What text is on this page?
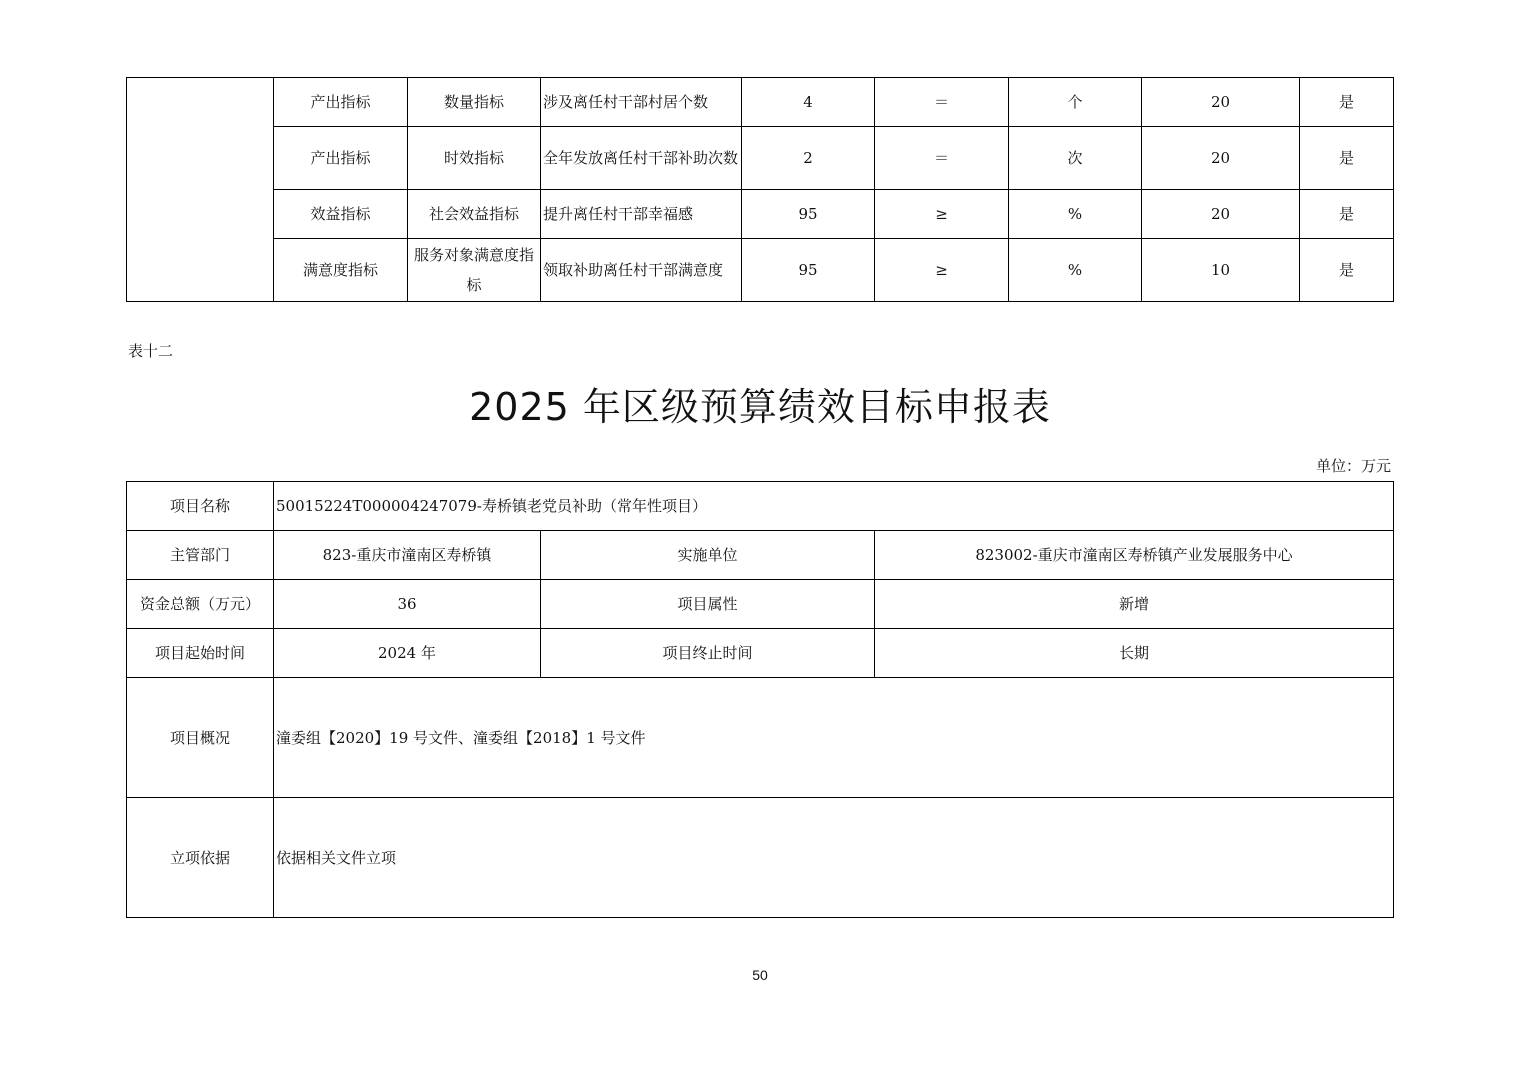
	产出指标	数量指标	涉及离任村干部村居个数	4	＝	个	20	是
	产出指标	时效指标	全年发放离任村干部补助次数	2	＝	次	20	是
	效益指标	社会效益指标	提升离任村干部幸福感	95	≥	%	20	是
	满意度指标	服务对象满意度指标	领取补助离任村干部满意度	95	≥	%	10	是
表十二
2025 年区级预算绩效目标申报表
单位：万元
项目名称	50015224T000004247079-寿桥镇老党员补助（常年性项目）		
主管部门	823-重庆市潼南区寿桥镇	实施单位	823002-重庆市潼南区寿桥镇产业发展服务中心
资金总额（万元）	36	项目属性	新增
项目起始时间	2024 年	项目终止时间	长期
项目概况	潼委组【2020】19 号文件、潼委组【2018】1 号文件		
立项依据	依据相关文件立项		
50
